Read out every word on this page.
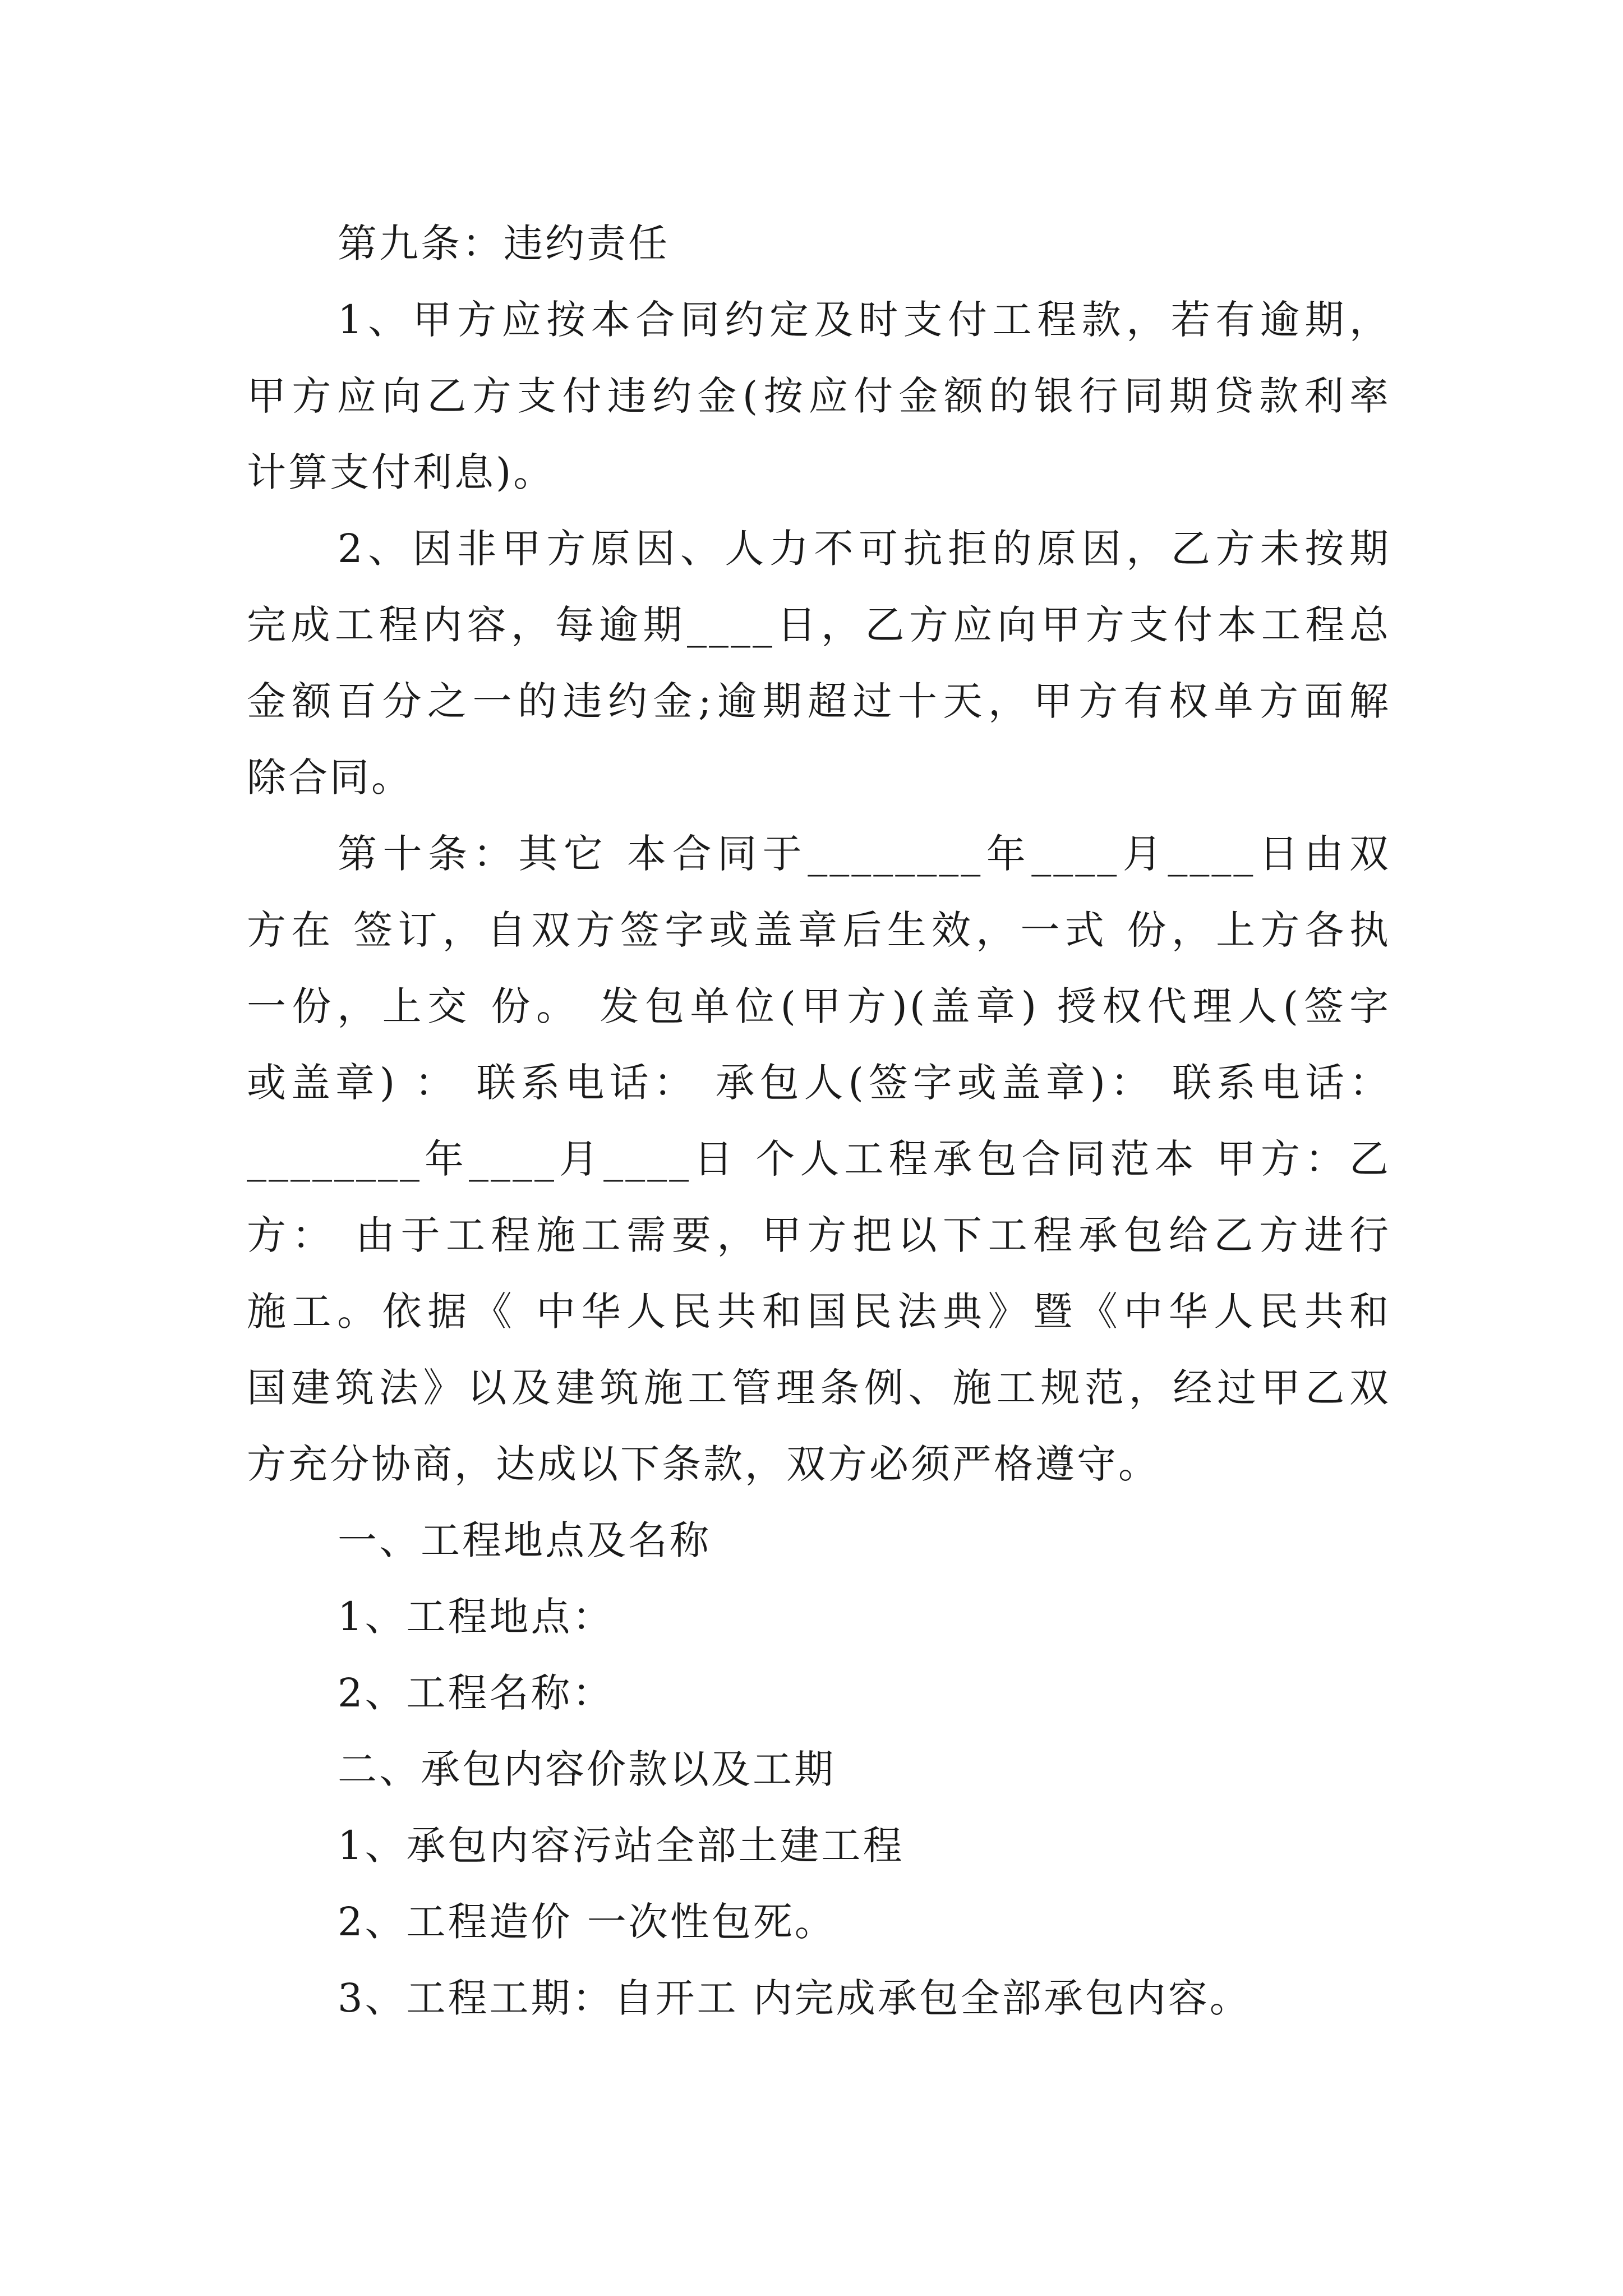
第九条：违约责任
1、甲方应按本合同约定及时支付工程款，若有逾期，
甲方应向乙方支付违约金(按应付金额的银行同期贷款利率
计算支付利息)。
2、因非甲方原因、人力不可抗拒的原因，乙方未按期
完成工程内容，每逾期____日，乙方应向甲方支付本工程总
金额百分之一的违约金;逾期超过十天，甲方有权单方面解
除合同。
第十条：其它 本合同于________年____月____日由双
方在 签订，自双方签字或盖章后生效，一式 份，上方各执
一份，上交 份。 发包单位(甲方)(盖章) 授权代理人(签字
或盖章) ： 联系电话： 承包人(签字或盖章)： 联系电话：
________年____月____日 个人工程承包合同范本 甲方：乙
方： 由于工程施工需要，甲方把以下工程承包给乙方进行
施工。依据《 中华人民共和国民法典》暨《中华人民共和
国建筑法》以及建筑施工管理条例、施工规范，经过甲乙双
方充分协商，达成以下条款，双方必须严格遵守。
一、工程地点及名称
1、工程地点：
2、工程名称：
二、承包内容价款以及工期
1、承包内容污站全部土建工程
2、工程造价 一次性包死。
3、工程工期：自开工 内完成承包全部承包内容。
